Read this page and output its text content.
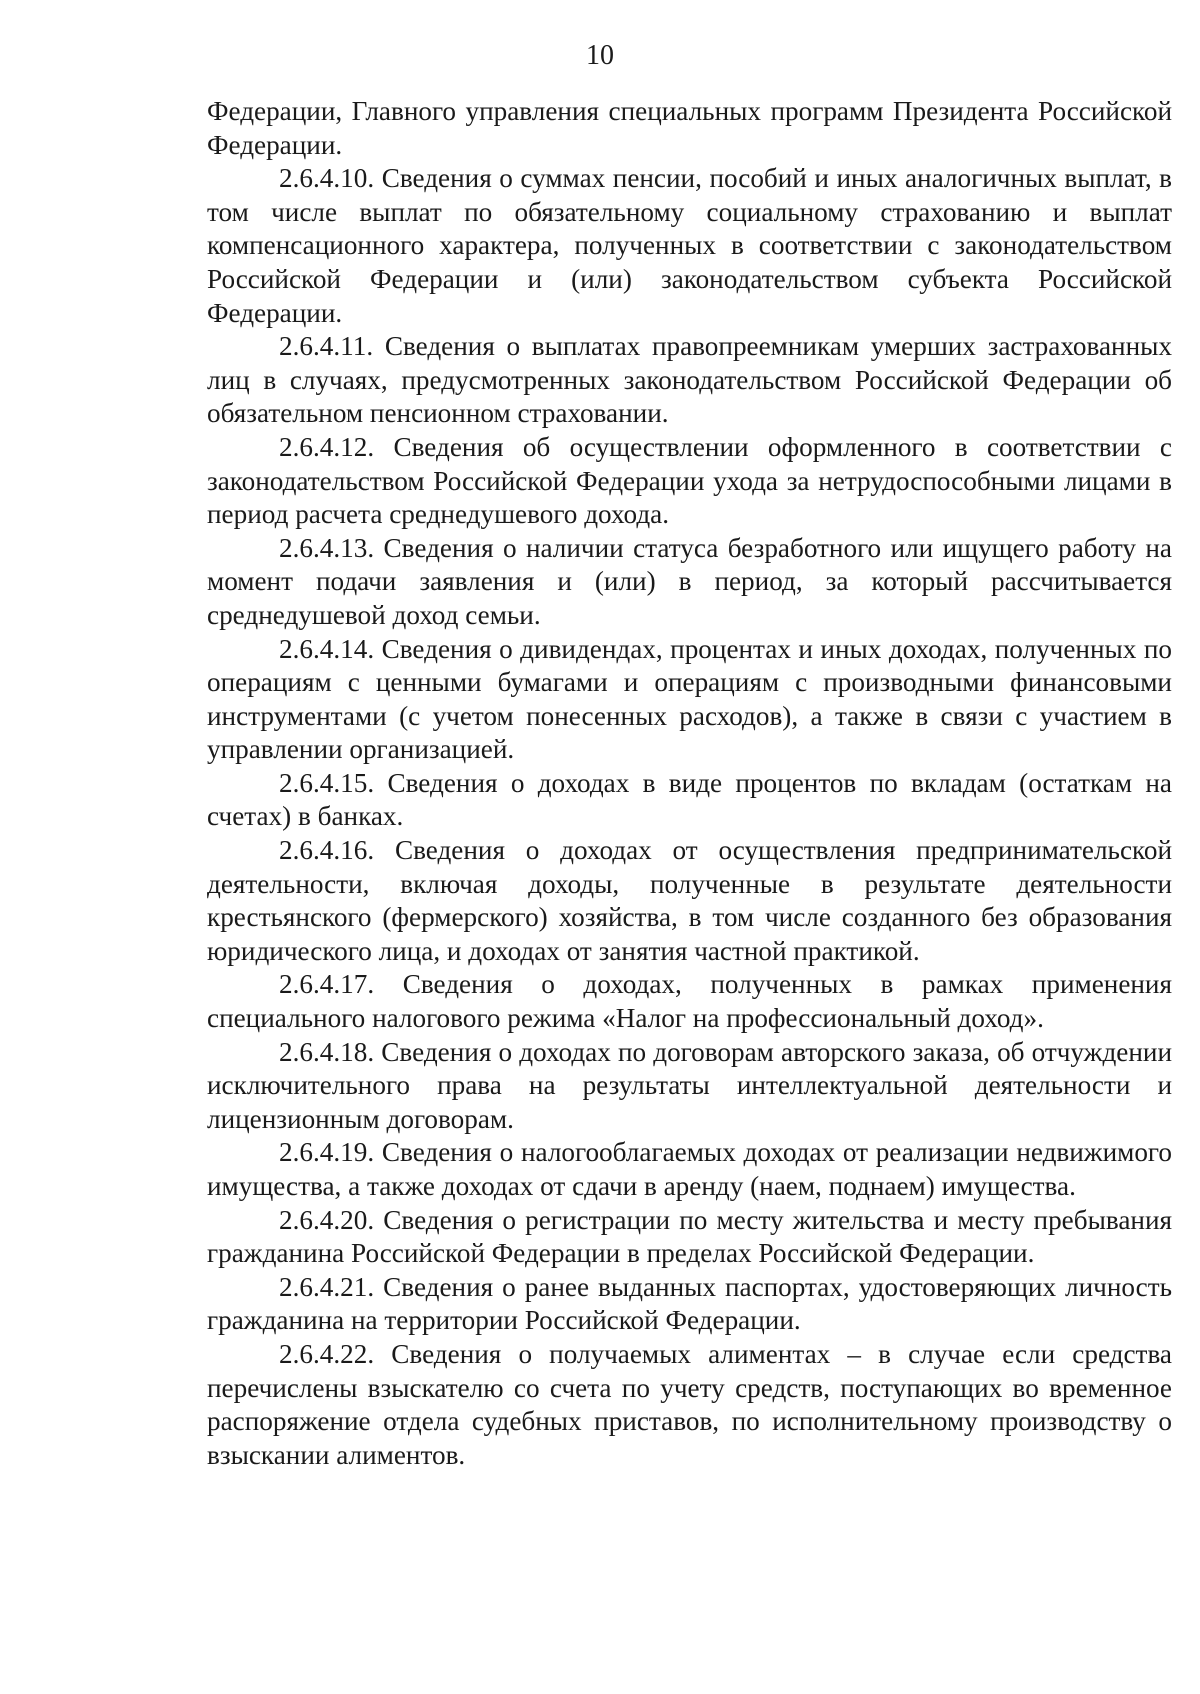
10

Федерации, Главного управления специальных программ Президента Российской Федерации.

2.6.4.10. Сведения о суммах пенсии, пособий и иных аналогичных выплат, в том числе выплат по обязательному социальному страхованию и выплат компенсационного характера, полученных в соответствии с законодательством Российской Федерации и (или) законодательством субъекта Российской Федерации.

2.6.4.11. Сведения о выплатах правопреемникам умерших застрахованных лиц в случаях, предусмотренных законодательством Российской Федерации об обязательном пенсионном страховании.

2.6.4.12. Сведения об осуществлении оформленного в соответствии с законодательством Российской Федерации ухода за нетрудоспособными лицами в период расчета среднедушевого дохода.

2.6.4.13. Сведения о наличии статуса безработного или ищущего работу на момент подачи заявления и (или) в период, за который рассчитывается среднедушевой доход семьи.

2.6.4.14. Сведения о дивидендах, процентах и иных доходах, полученных по операциям с ценными бумагами и операциям с производными финансовыми инструментами (с учетом понесенных расходов), а также в связи с участием в управлении организацией.

2.6.4.15. Сведения о доходах в виде процентов по вкладам (остаткам на счетах) в банках.

2.6.4.16. Сведения о доходах от осуществления предпринимательской деятельности, включая доходы, полученные в результате деятельности крестьянского (фермерского) хозяйства, в том числе созданного без образования юридического лица, и доходах от занятия частной практикой.

2.6.4.17. Сведения о доходах, полученных в рамках применения специального налогового режима «Налог на профессиональный доход».

2.6.4.18. Сведения о доходах по договорам авторского заказа, об отчуждении исключительного права на результаты интеллектуальной деятельности и лицензионным договорам.

2.6.4.19. Сведения о налогооблагаемых доходах от реализации недвижимого имущества, а также доходах от сдачи в аренду (наем, поднаем) имущества.

2.6.4.20. Сведения о регистрации по месту жительства и месту пребывания гражданина Российской Федерации в пределах Российской Федерации.

2.6.4.21. Сведения о ранее выданных паспортах, удостоверяющих личность гражданина на территории Российской Федерации.

2.6.4.22. Сведения о получаемых алиментах – в случае если средства перечислены взыскателю со счета по учету средств, поступающих во временное распоряжение отдела судебных приставов, по исполнительному производству о взыскании алиментов.
